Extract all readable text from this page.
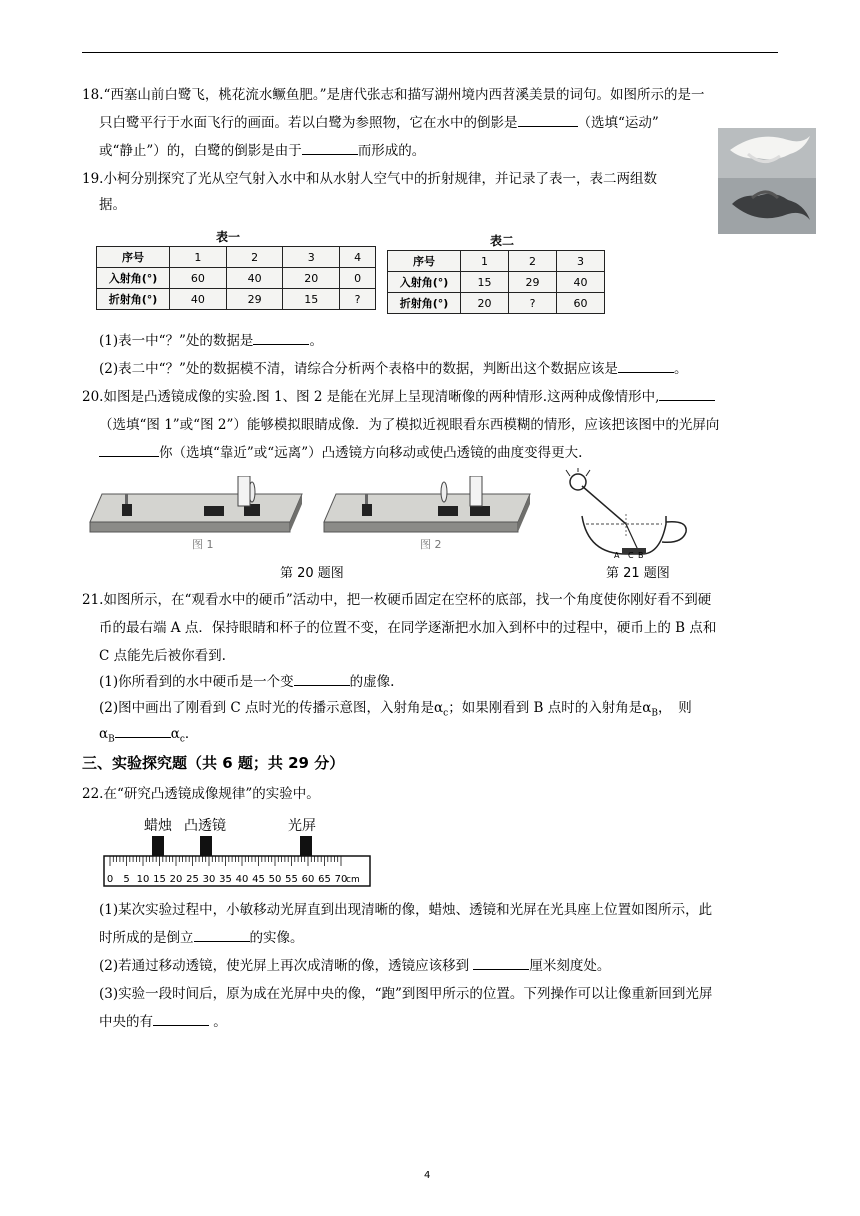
18.“西塞山前白鹭飞，桃花流水鳜鱼肥。”是唐代张志和描写湖州境内西苕溪美景的词句。如图所示的是一
只白鹭平行于水面飞行的画面。若以白鹭为参照物，它在水中的倒影是	（选填“运动”
或“静止”）的，白鹭的倒影是由于	而形成的。
19.小柯分别探究了光从空气射入水中和从水射人空气中的折射规律，并记录了表一，表二两组数
据。
表一
序号	1	2	3	4
入射角(°)	60	40	20	0
折射角(°)	40	29	15	?
表二
序号	1	2	3
入射角(°)	15	29	40
折射角(°)	20	?	60
(1)表一中“？”处的数据是	。
(2)表二中“？”处的数据模不清，请综合分析两个表格中的数据，判断出这个数据应该是	。
20.如图是凸透镜成像的实验.图 1、图 2 是能在光屏上呈现清晰像的两种情形.这两种成像情形中,
（选填“图 1”或“图 2”）能够模拟眼睛成像．为了模拟近视眼看东西模糊的情形，应该把该图中的光屏向
你（选填“靠近”或“远离”）凸透镜方向移动或使凸透镜的曲度变得更大.
图 1	图 2
A C B
第 20 题图	第 21 题图
21.如图所示，在“观看水中的硬币”活动中，把一枚硬币固定在空杯的底部，找一个角度使你刚好看不到硬
币的最右端 A 点．保持眼睛和杯子的位置不变，在同学逐渐把水加入到杯中的过程中，硬币上的 B 点和
C 点能先后被你看到.
(1)你所看到的水中硬币是一个变	的虚像.
(2)图中画出了刚看到 C 点时光的传播示意图，入射角是$\alpha_c$；如果刚看到 B 点时的入射角是$\alpha_B$，　则
$\alpha_B$	$\alpha_c$．
三、实验探究题（共 6 题；共 29 分）
22.在“研究凸透镜成像规律”的实验中。
蜡烛 凸透镜	光屏
0 5 10 15 20 25 30 35 40 45 50 55 60 65 70
cm
(1)某次实验过程中，小敏移动光屏直到出现清晰的像，蜡烛、透镜和光屏在光具座上位置如图所示，此
时所成的是倒立	的实像。
(2)若通过移动透镜，使光屏上再次成清晰的像，透镜应该移到	厘米刻度处。
(3)实验一段时间后，原为成在光屏中央的像，“跑”到图甲所示的位置。下列操作可以让像重新回到光屏
中央的有	。
4
